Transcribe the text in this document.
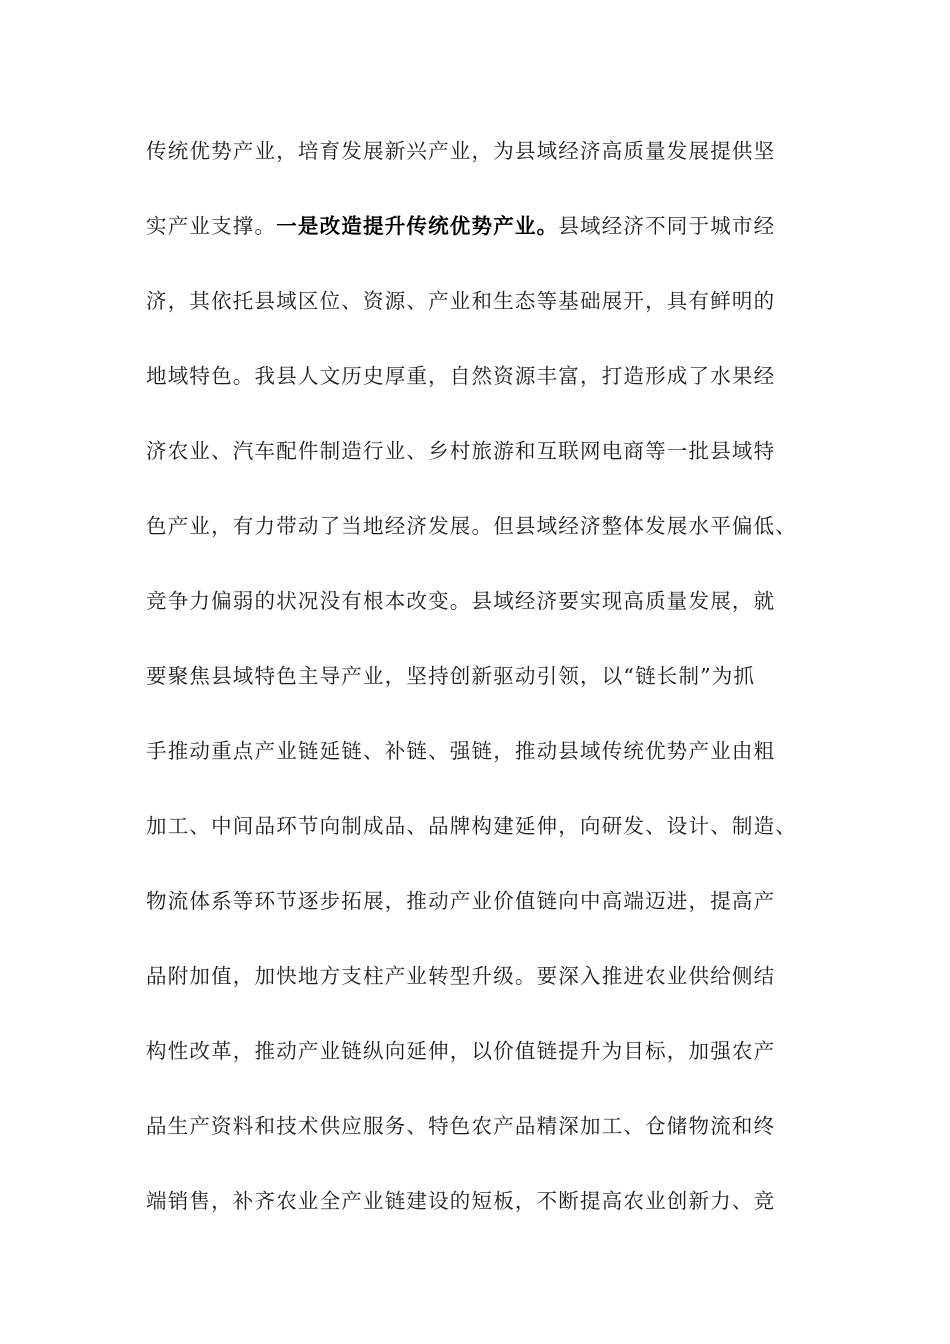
传统优势产业，培育发展新兴产业，为县域经济高质量发展提供坚
实产业支撑。一是改造提升传统优势产业。县域经济不同于城市经
济，其依托县域区位、资源、产业和生态等基础展开，具有鲜明的
地域特色。我县人文历史厚重，自然资源丰富，打造形成了水果经
济农业、汽车配件制造行业、乡村旅游和互联网电商等一批县域特
色产业，有力带动了当地经济发展。但县域经济整体发展水平偏低、
竞争力偏弱的状况没有根本改变。县域经济要实现高质量发展，就
要聚焦县域特色主导产业，坚持创新驱动引领，以“链长制”为抓
手推动重点产业链延链、补链、强链，推动县域传统优势产业由粗
加工、中间品环节向制成品、品牌构建延伸，向研发、设计、制造、
物流体系等环节逐步拓展，推动产业价值链向中高端迈进，提高产
品附加值，加快地方支柱产业转型升级。要深入推进农业供给侧结
构性改革，推动产业链纵向延伸，以价值链提升为目标，加强农产
品生产资料和技术供应服务、特色农产品精深加工、仓储物流和终
端销售，补齐农业全产业链建设的短板，不断提高农业创新力、竞
